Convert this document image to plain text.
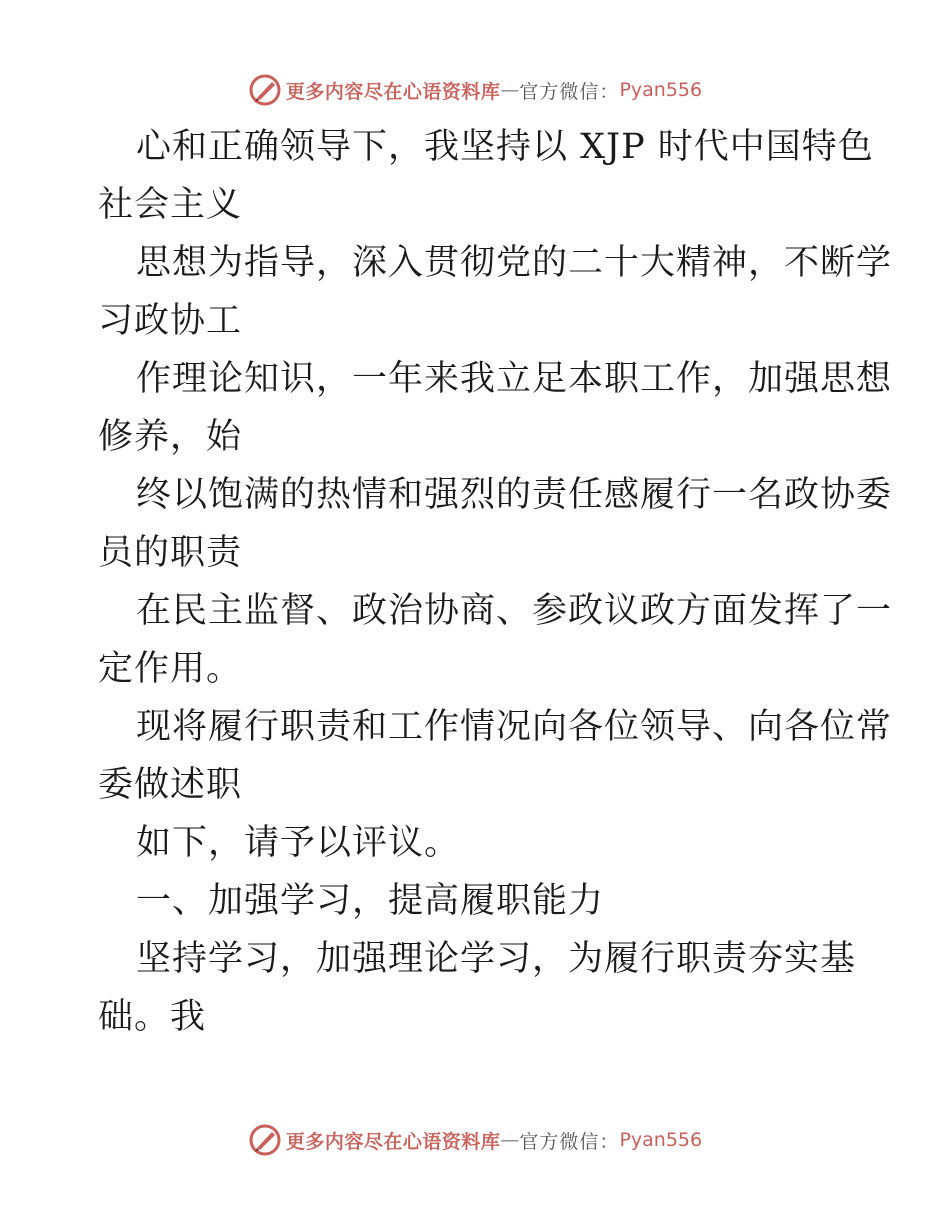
更多内容尽在心语资料库 — 官方微信： Pyan556
心和正确领导下，我坚持以 XJP 时代中国特色
社会主义
思想为指导，深入贯彻党的二十大精神，不断学
习政协工
作理论知识，一年来我立足本职工作，加强思想
修养，始
终以饱满的热情和强烈的责任感履行一名政协委
员的职责
在民主监督、政治协商、参政议政方面发挥了一
定作用。
现将履行职责和工作情况向各位领导、向各位常
委做述职
如下，请予以评议。
一、加强学习，提高履职能力
坚持学习，加强理论学习，为履行职责夯实基
础。我
更多内容尽在心语资料库 — 官方微信： Pyan556
